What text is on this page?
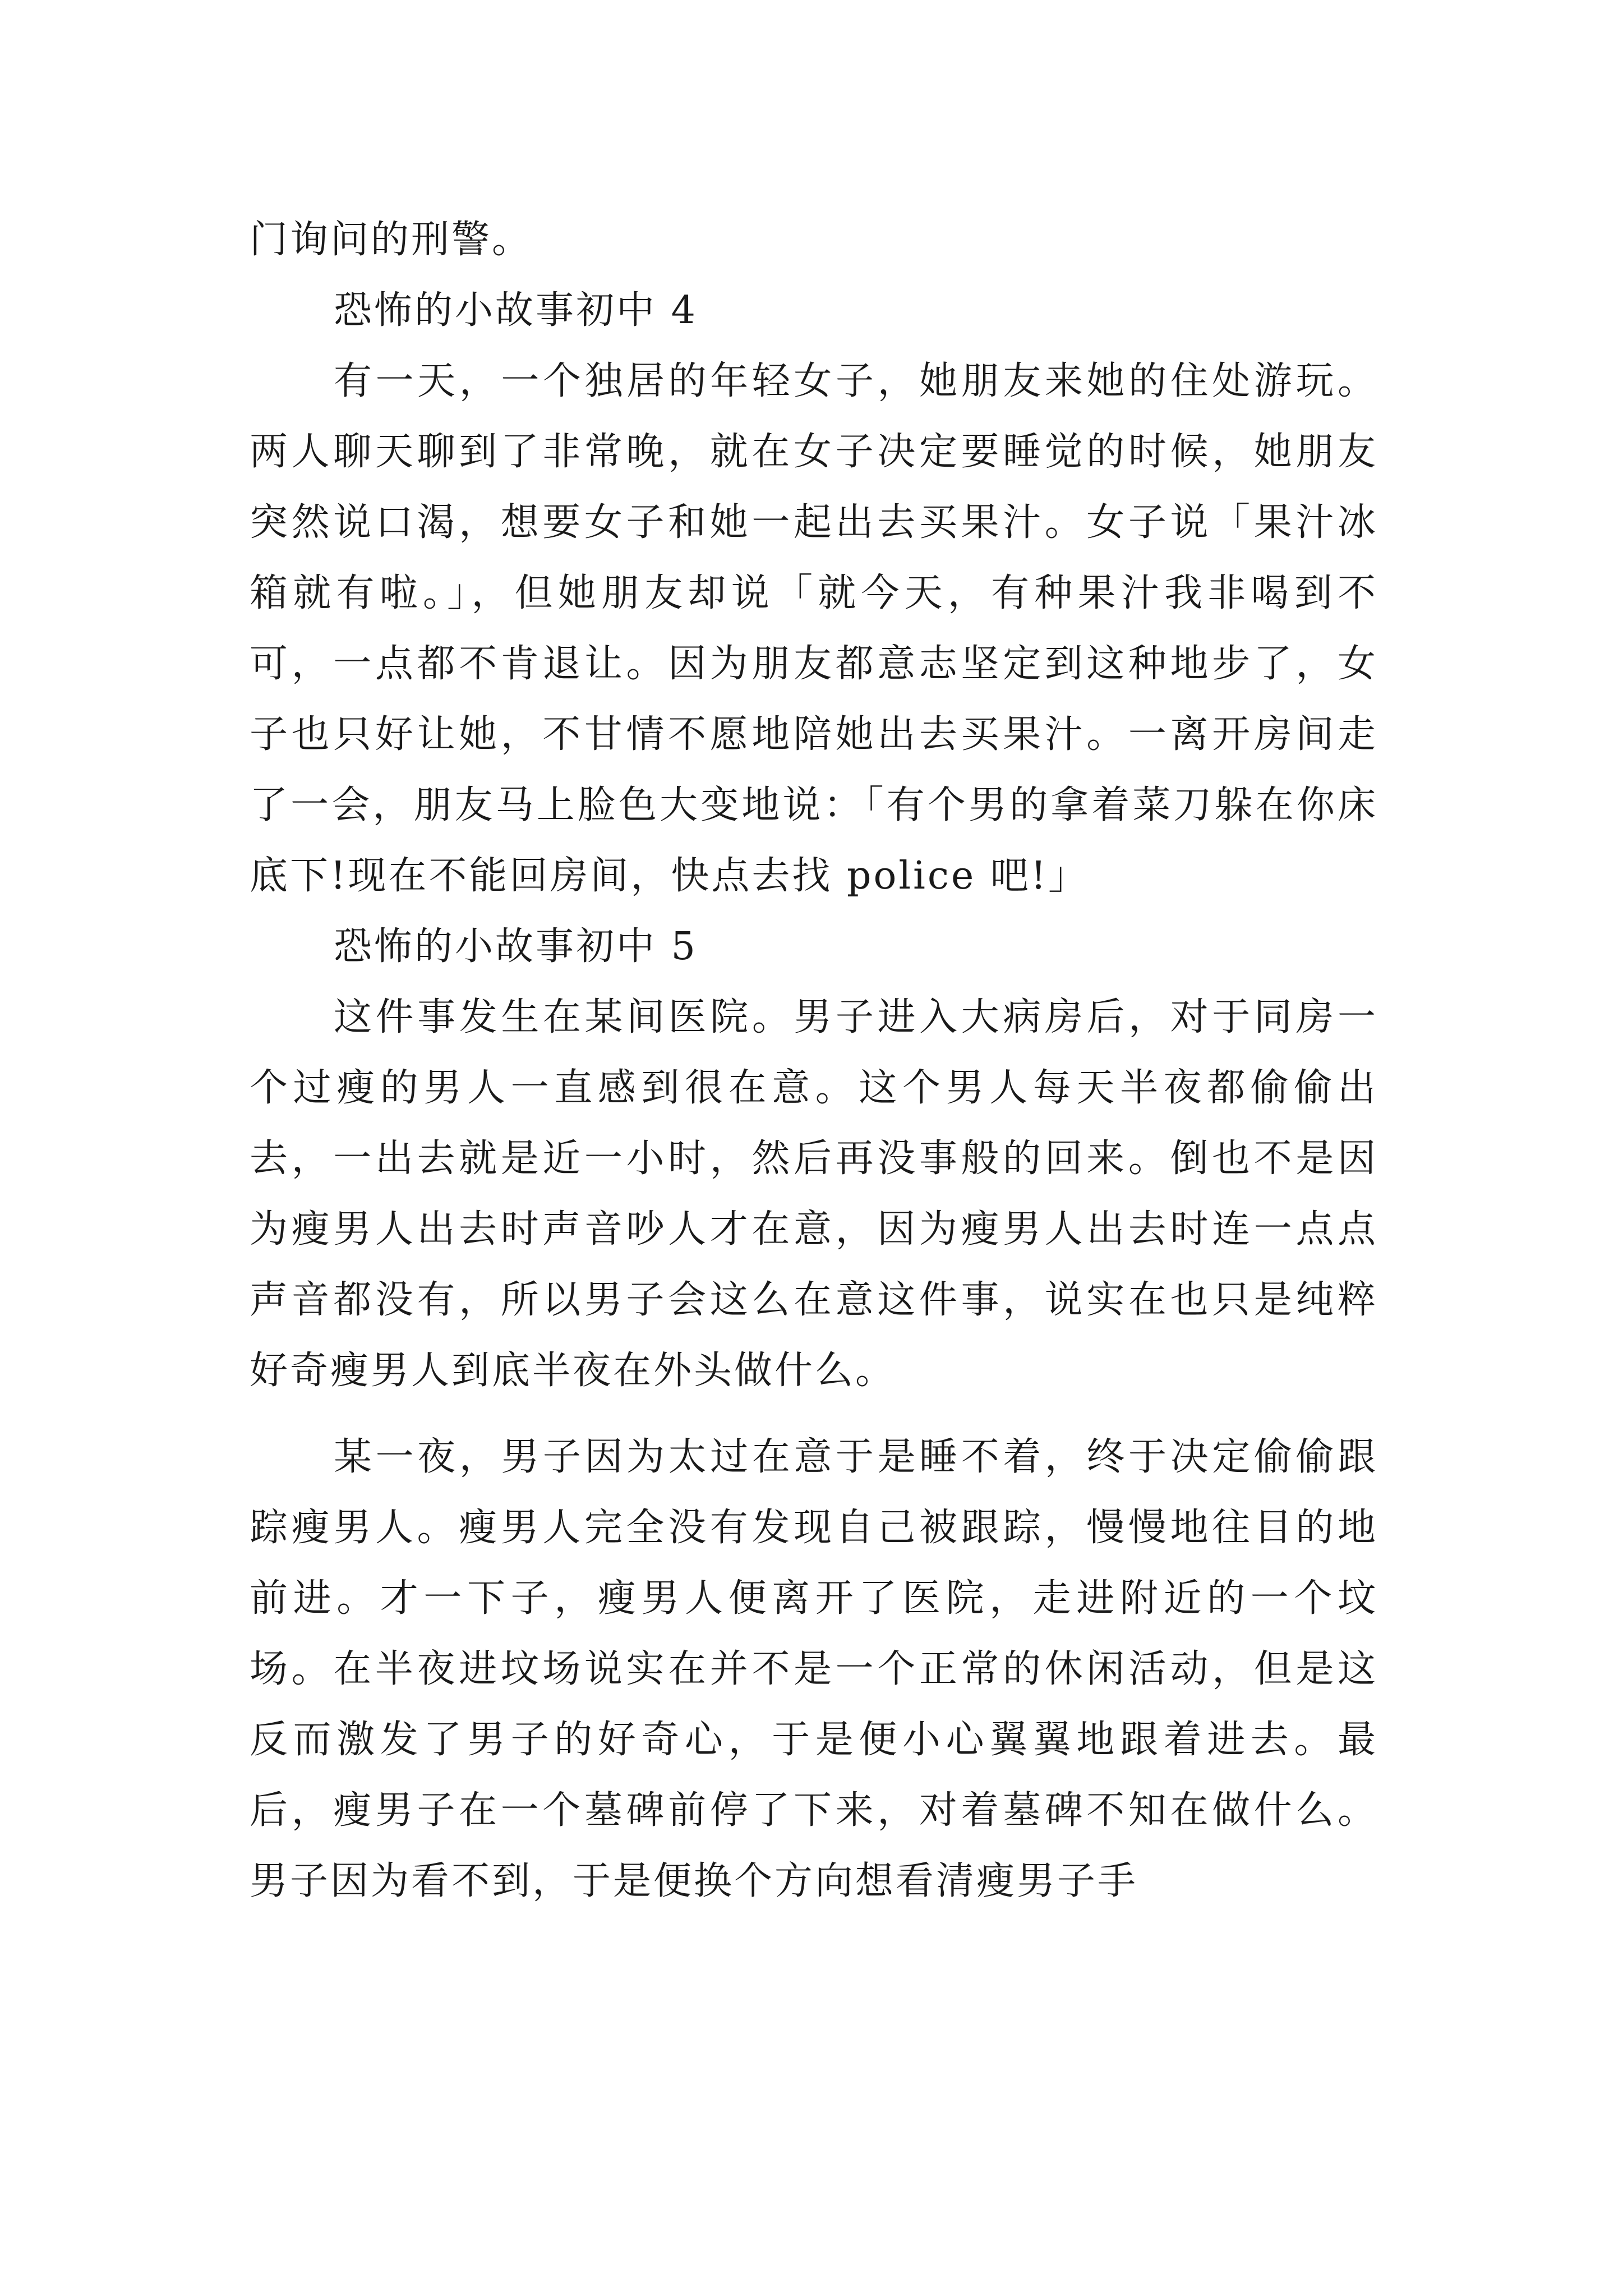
门询问的刑警。

恐怖的小故事初中 4

有一天，一个独居的年轻女子，她朋友来她的住处游玩。两人聊天聊到了非常晚，就在女子决定要睡觉的时候，她朋友突然说口渴，想要女子和她一起出去买果汁。女子说「果汁冰箱就有啦。」，但她朋友却说「就今天，有种果汁我非喝到不可，一点都不肯退让。因为朋友都意志坚定到这种地步了，女子也只好让她，不甘情不愿地陪她出去买果汁。一离开房间走了一会，朋友马上脸色大变地说：「有个男的拿着菜刀躲在你床底下!现在不能回房间，快点去找 police 吧!」

恐怖的小故事初中 5

这件事发生在某间医院。男子进入大病房后，对于同房一个过瘦的男人一直感到很在意。这个男人每天半夜都偷偷出去，一出去就是近一小时，然后再没事般的回来。倒也不是因为瘦男人出去时声音吵人才在意，因为瘦男人出去时连一点点声音都没有，所以男子会这么在意这件事，说实在也只是纯粹好奇瘦男人到底半夜在外头做什么。

某一夜，男子因为太过在意于是睡不着，终于决定偷偷跟踪瘦男人。瘦男人完全没有发现自己被跟踪，慢慢地往目的地前进。才一下子，瘦男人便离开了医院，走进附近的一个坟场。在半夜进坟场说实在并不是一个正常的休闲活动，但是这反而激发了男子的好奇心，于是便小心翼翼地跟着进去。最后，瘦男子在一个墓碑前停了下来，对着墓碑不知在做什么。男子因为看不到，于是便换个方向想看清瘦男子手
